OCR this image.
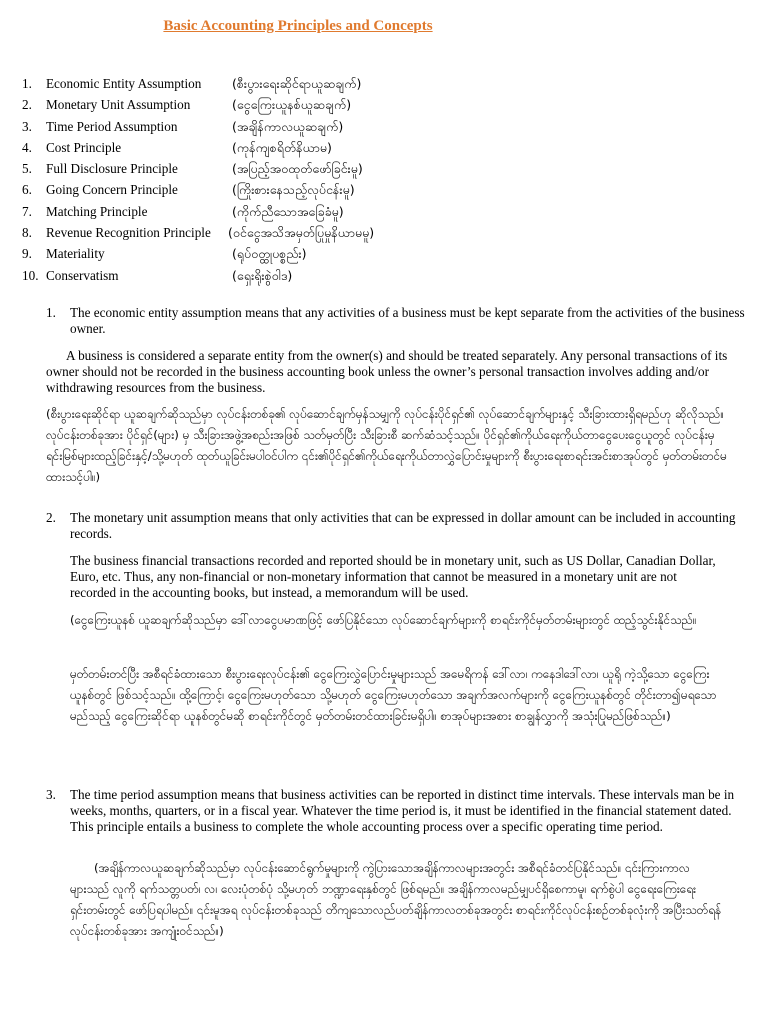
Basic Accounting Principles and Concepts
1.	Economic Entity Assumption (စီးပွားရေးဆိုင်ရာယူဆချက်)
2.	Monetary Unit Assumption	(ငွေကြေးယူနစ်ယူဆချက်)
3.	Time Period Assumption	(အချိန်ကာလယူဆချက်)
4.	Cost Principle	(ကုန်ကျစရိတ်နိယာမ)
5.	Full Disclosure Principle	(အပြည့်အဝထုတ်ဖော်ခြင်းမူ)
6.	Going Concern Principle	(ကြိုးစားနေသည့်လုပ်ငန်းမူ)
7.	Matching Principle	(ကိုက်ညီသောအခြေခံမူ)
8.	Revenue Recognition Principle (ဝင်ငွေအသိအမှတ်ပြုမှုနိယာမမူ)
9.	Materiality	(ရုပ်ဝတ္ထုပစ္စည်း)
10. Conservatism	(ရှေးရိုးစွဲဝါဒ)
1. The economic entity assumption means that any activities of a business must be kept separate from the activities of the business owner.
A business is considered a separate entity from the owner(s) and should be treated separately. Any personal transactions of its owner should not be recorded in the business accounting book unless the owner’s personal transaction involves adding and/or withdrawing resources from the business.
(စီးပွားရေးဆိုင်ရာ ယူဆချက်ဆိုသည်မှာ လုပ်ငန်းတစ်ခု၏ လုပ်ဆောင်ချက်မှန်သမျှကို လုပ်ငန်းပိုင်ရှင်၏ လုပ်ဆောင်ချက်များနှင့် သီးခြားထားရှိရမည်ဟု ဆိုလိုသည်။လုပ်ငန်းတစ်ခုအား ပိုင်ရှင်(များ) မှ သီးခြားအဖွဲ့အစည်းအဖြစ် သတ်မှတ်ပြီး သီးခြားစီ ဆက်ဆံသင့်သည်။ ပိုင်ရှင်၏ကိုယ်ရေးကိုယ်တာငွေပေးငွေယူတွင် လုပ်ငန်းမှရင်းမြစ်များထည့်ခြင်းနှင့်/သို့မဟုတ် ထုတ်ယူခြင်းမပါဝင်ပါက ၎င်း၏ပိုင်ရှင်၏ကိုယ်ရေးကိုယ်တာလွှဲပြောင်းမှုများကို စီးပွားရေးစာရင်းအင်းစာအုပ်တွင် မှတ်တမ်းတင်မထားသင့်ပါ။)
2. The monetary unit assumption means that only activities that can be expressed in dollar amount can be included in accounting records.
The business financial transactions recorded and reported should be in monetary unit, such as US Dollar, Canadian Dollar, Euro, etc. Thus, any non-financial or non-monetary information that cannot be measured in a monetary unit are not recorded in the accounting books, but instead, a memorandum will be used.
(ငွေကြေးယူနစ် ယူဆချက်ဆိုသည်မှာ ဒေါ်လာငွေပမာဏဖြင့် ဖော်ပြနိုင်သော လုပ်ဆောင်ချက်များကို စာရင်းကိုင်မှတ်တမ်းများတွင် ထည့်သွင်းနိုင်သည်။
မှတ်တမ်းတင်ပြီး အစီရင်ခံထားသော စီးပွားရေးလုပ်ငန်း၏ ငွေကြေးလွှဲပြောင်းမှုများသည် အမေရိကန် ဒေါ်လာ၊ ကနေဒါဒေါ်လာ၊ ယူရို ကဲ့သို့သော ငွေကြေးယူနစ်တွင် ဖြစ်သင့်သည်။ ထို့ကြောင့်၊ ငွေကြေးမဟုတ်သော သို့မဟုတ် ငွေကြေးမဟုတ်သော အချက်အလက်များကို ငွေကြေးယူနစ်တွင် တိုင်းတာ၍မရသော မည်သည့် ငွေကြေးဆိုင်ရာ ယူနစ်တွင်မဆို စာရင်းကိုင်တွင် မှတ်တမ်းတင်ထားခြင်းမရှိပါ။ စာအုပ်များအစား စာချွန်လွှာကို အသုံးပြုမည်ဖြစ်သည်။)
3. The time period assumption means that business activities can be reported in distinct time intervals. These intervals man be in weeks, months, quarters, or in a fiscal year. Whatever the time period is, it must be identified in the financial statement dated. This principle entails a business to complete the whole accounting process over a specific operating time period.
(အချိန်ကာလယူဆချက်ဆိုသည်မှာ လုပ်ငန်းဆောင်ရွက်မှုများကို ကွဲပြားသောအချိန်ကာလများအတွင်း အစီရင်ခံတင်ပြနိုင်သည်။ ၎င်းကြားကာလများသည် လူကို ရက်သတ္တပတ်၊ လ၊ လေးပုံတစ်ပုံ သို့မဟုတ် ဘဏ္ဍာရေးနှစ်တွင် ဖြစ်ရမည်။ အချိန်ကာလမည်မျှပင်ရှိစေကာမူ၊ ရက်စွဲပါ ငွေရေးကြေးရေးရှင်းတမ်းတွင် ဖော်ပြရပါမည်။ ၎င်းမူအရ လုပ်ငန်းတစ်ခုသည် တိကျသောလည်ပတ်ချိန်ကာလတစ်ခုအတွင်း စာရင်းကိုင်လုပ်ငန်းစဉ်တစ်ခုလုံးကို အပြီးသတ်ရန် လုပ်ငန်းတစ်ခုအား အကျုံးဝင်သည်။)
